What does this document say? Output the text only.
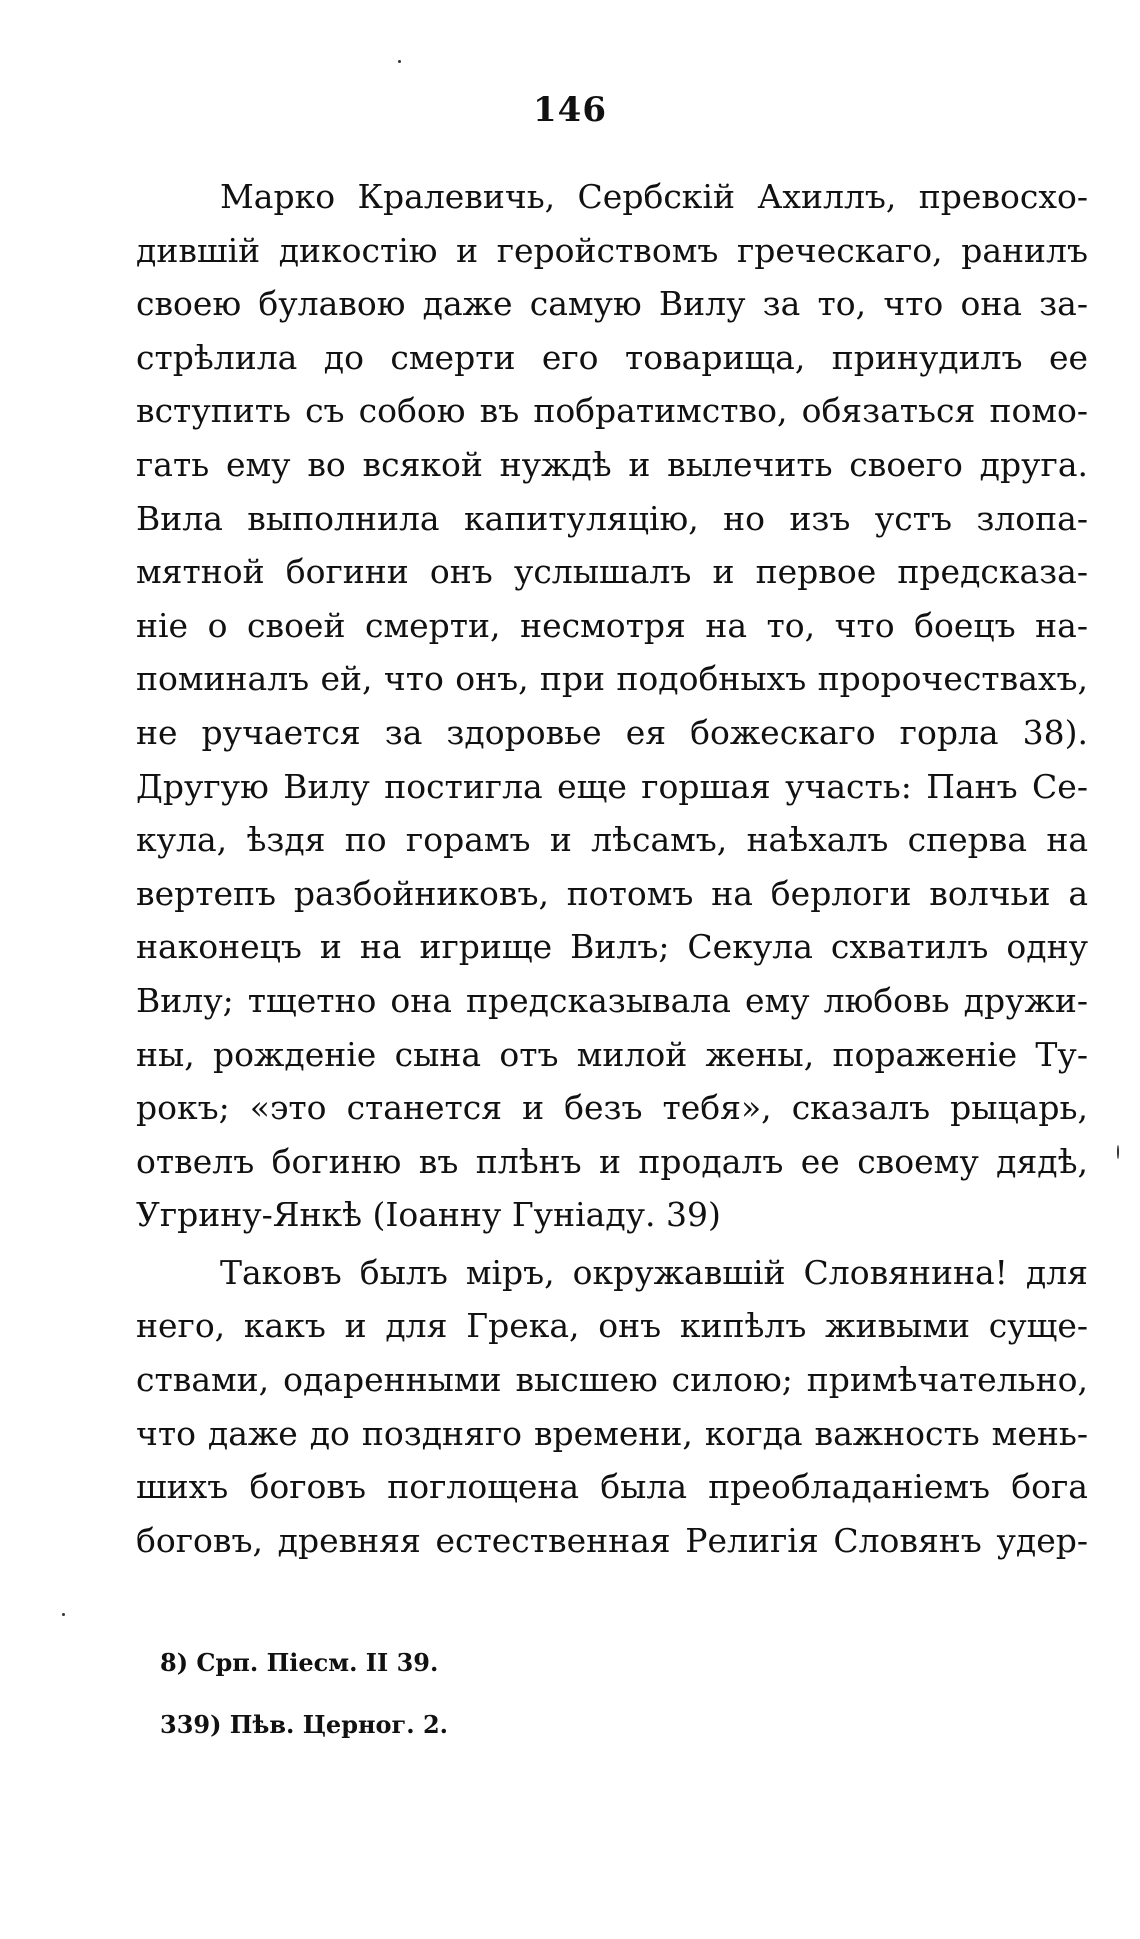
146
Марко Кралевичь, Сербскій Ахиллъ, превосхо-
дившій дикостію и геройствомъ греческаго, ранилъ
своею булавою даже самую Вилу за то, что она за-
стрѣлила до смерти его товарища, принудилъ ее
вступить съ собою въ побратимство, обязаться помо-
гать ему во всякой нуждѣ и вылечить своего друга.
Вила выполнила капитуляцію, но изъ устъ злопа-
мятной богини онъ услышалъ и первое предсказа-
ніе о своей смерти, несмотря на то, что боецъ на-
поминалъ ей, что онъ, при подобныхъ пророчествахъ,
не ручается за здоровье ея божескаго горла 38).
Другую Вилу постигла еще горшая участь: Панъ Се-
кула, ѣздя по горамъ и лѣсамъ, наѣхалъ сперва на
вертепъ разбойниковъ, потомъ на берлоги волчьи а
наконецъ и на игрище Вилъ; Секула схватилъ одну
Вилу; тщетно она предсказывала ему любовь дружи-
ны, рожденіе сына отъ милой жены, пораженіе Ту-
рокъ; «это станется и безъ тебя», сказалъ рыцарь,
отвелъ богиню въ плѣнъ и продалъ ее своему дядѣ,
Угрину-Янкѣ (Іоанну Гуніаду. 39)
Таковъ былъ міръ, окружавшій Словянина! для
него, какъ и для Грека, онъ кипѣлъ живыми суще-
ствами, одаренными высшею силою; примѣчательно,
что даже до поздняго времени, когда важность мень-
шихъ боговъ поглощена была преобладаніемъ бога
боговъ, древняя естественная Религія Словянъ удер-
8) Срп. Піесм. II 39.
339) Пѣв. Церног. 2.
